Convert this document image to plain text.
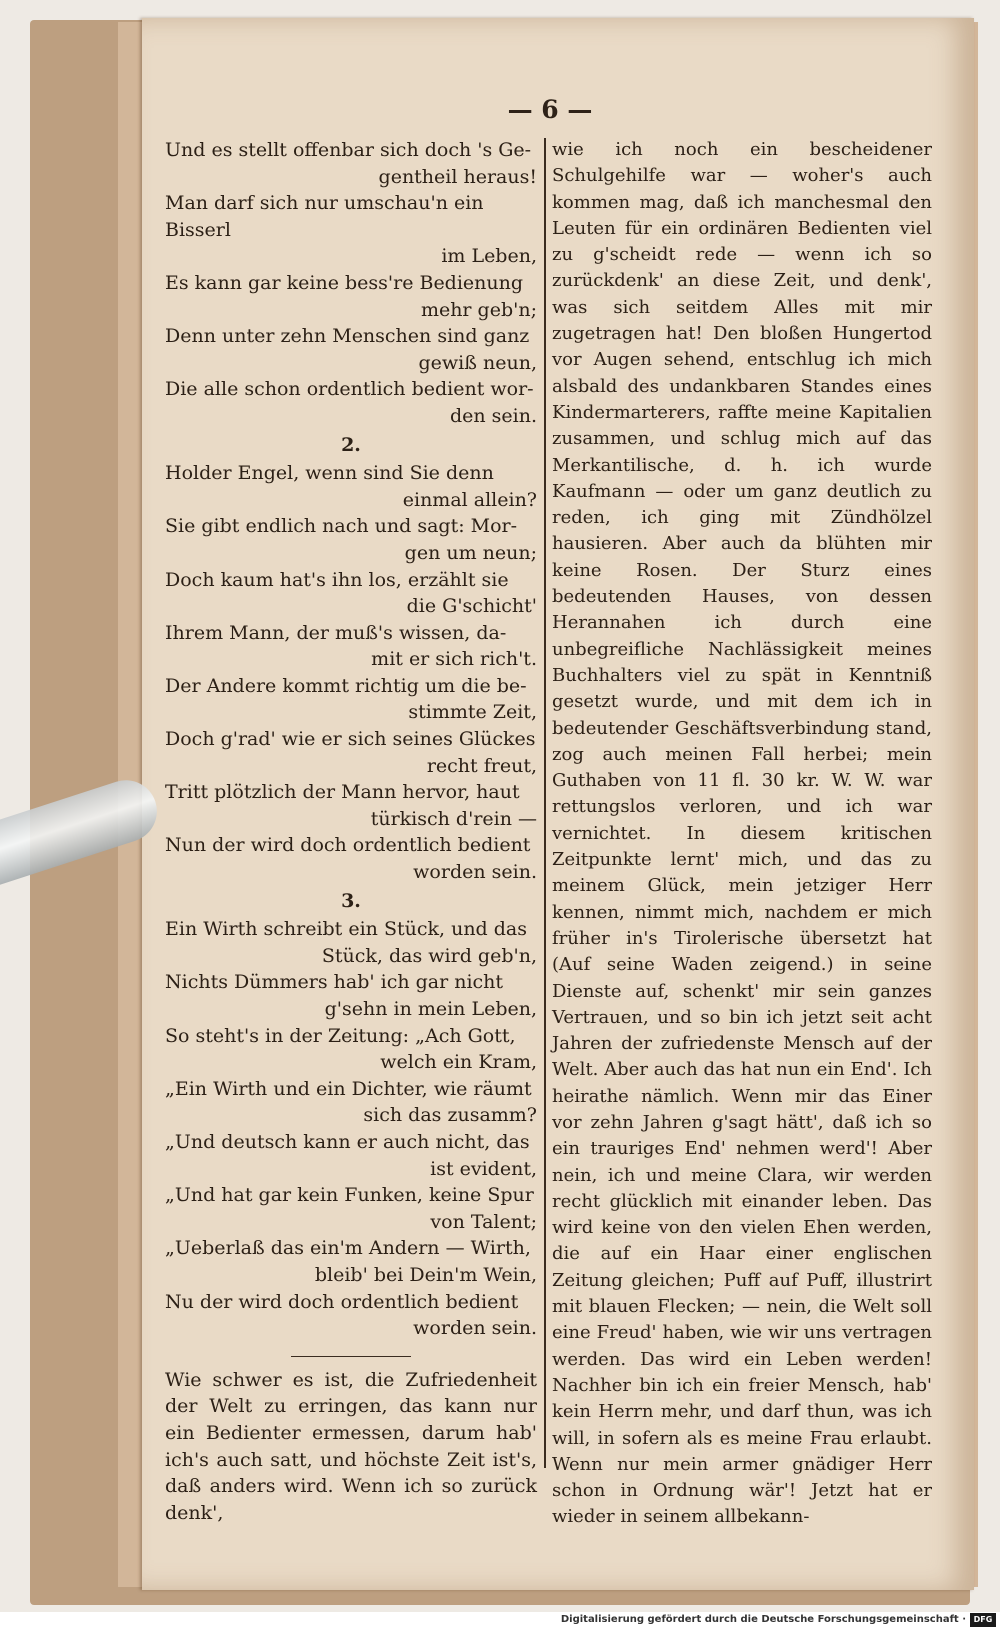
— 6 —

Und es stellt offenbar sich doch 's Ge-

gentheil heraus!

Man darf sich nur umschau'n ein Bisserl

im Leben,

Es kann gar keine bess're Bedienung

mehr geb'n;

Denn unter zehn Menschen sind ganz

gewiß neun,

Die alle schon ordentlich bedient wor-

den sein.

2.

Holder Engel, wenn sind Sie denn

einmal allein?

Sie gibt endlich nach und sagt: Mor-

gen um neun;

Doch kaum hat's ihn los, erzählt sie

die G'schicht'

Ihrem Mann, der muß's wissen, da-

mit er sich rich't.

Der Andere kommt richtig um die be-

stimmte Zeit,

Doch g'rad' wie er sich seines Glückes

recht freut,

Tritt plötzlich der Mann hervor, haut

türkisch d'rein —

Nun der wird doch ordentlich bedient

worden sein.

3.

Ein Wirth schreibt ein Stück, und das

Stück, das wird geb'n,

Nichts Dümmers hab' ich gar nicht

g'sehn in mein Leben,

So steht's in der Zeitung: „Ach Gott,

welch ein Kram,

„Ein Wirth und ein Dichter, wie räumt

sich das zusamm?

„Und deutsch kann er auch nicht, das

ist evident,

„Und hat gar kein Funken, keine Spur

von Talent;

„Ueberlaß das ein'm Andern — Wirth,

bleib' bei Dein'm Wein,

Nu der wird doch ordentlich bedient

worden sein.

Wie schwer es ist, die Zufriedenheit der Welt zu erringen, das kann nur ein Bedienter ermessen, darum hab' ich's auch satt, und höchste Zeit ist's, daß anders wird. Wenn ich so zurück denk',

wie ich noch ein bescheidener Schulgehilfe war — woher's auch kommen mag, daß ich manchesmal den Leuten für ein ordinären Bedienten viel zu g'scheidt rede — wenn ich so zurückdenk' an diese Zeit, und denk', was sich seitdem Alles mit mir zugetragen hat! Den bloßen Hungertod vor Augen sehend, entschlug ich mich alsbald des undankbaren Standes eines Kindermarterers, raffte meine Kapitalien zusammen, und schlug mich auf das Merkantilische, d. h. ich wurde Kaufmann — oder um ganz deutlich zu reden, ich ging mit Zündhölzel hausieren. Aber auch da blühten mir keine Rosen. Der Sturz eines bedeutenden Hauses, von dessen Herannahen ich durch eine unbegreifliche Nachlässigkeit meines Buchhalters viel zu spät in Kenntniß gesetzt wurde, und mit dem ich in bedeutender Geschäftsverbindung stand, zog auch meinen Fall herbei; mein Guthaben von 11 fl. 30 kr. W. W. war rettungslos verloren, und ich war vernichtet. In diesem kritischen Zeitpunkte lernt' mich, und das zu meinem Glück, mein jetziger Herr kennen, nimmt mich, nachdem er mich früher in's Tirolerische übersetzt hat (Auf seine Waden zeigend.) in seine Dienste auf, schenkt' mir sein ganzes Vertrauen, und so bin ich jetzt seit acht Jahren der zufriedenste Mensch auf der Welt. Aber auch das hat nun ein End'. Ich heirathe nämlich. Wenn mir das Einer vor zehn Jahren g'sagt hätt', daß ich so ein trauriges End' nehmen werd'! Aber nein, ich und meine Clara, wir werden recht glücklich mit einander leben. Das wird keine von den vielen Ehen werden, die auf ein Haar einer englischen Zeitung gleichen; Puff auf Puff, illustrirt mit blauen Flecken; — nein, die Welt soll eine Freud' haben, wie wir uns vertragen werden. Das wird ein Leben werden! Nachher bin ich ein freier Mensch, hab' kein Herrn mehr, und darf thun, was ich will, in sofern als es meine Frau erlaubt. Wenn nur mein armer gnädiger Herr schon in Ordnung wär'! Jetzt hat er wieder in seinem allbekann-

Digitalisierung gefördert durch die Deutsche Forschungsgemeinschaft · DFG
